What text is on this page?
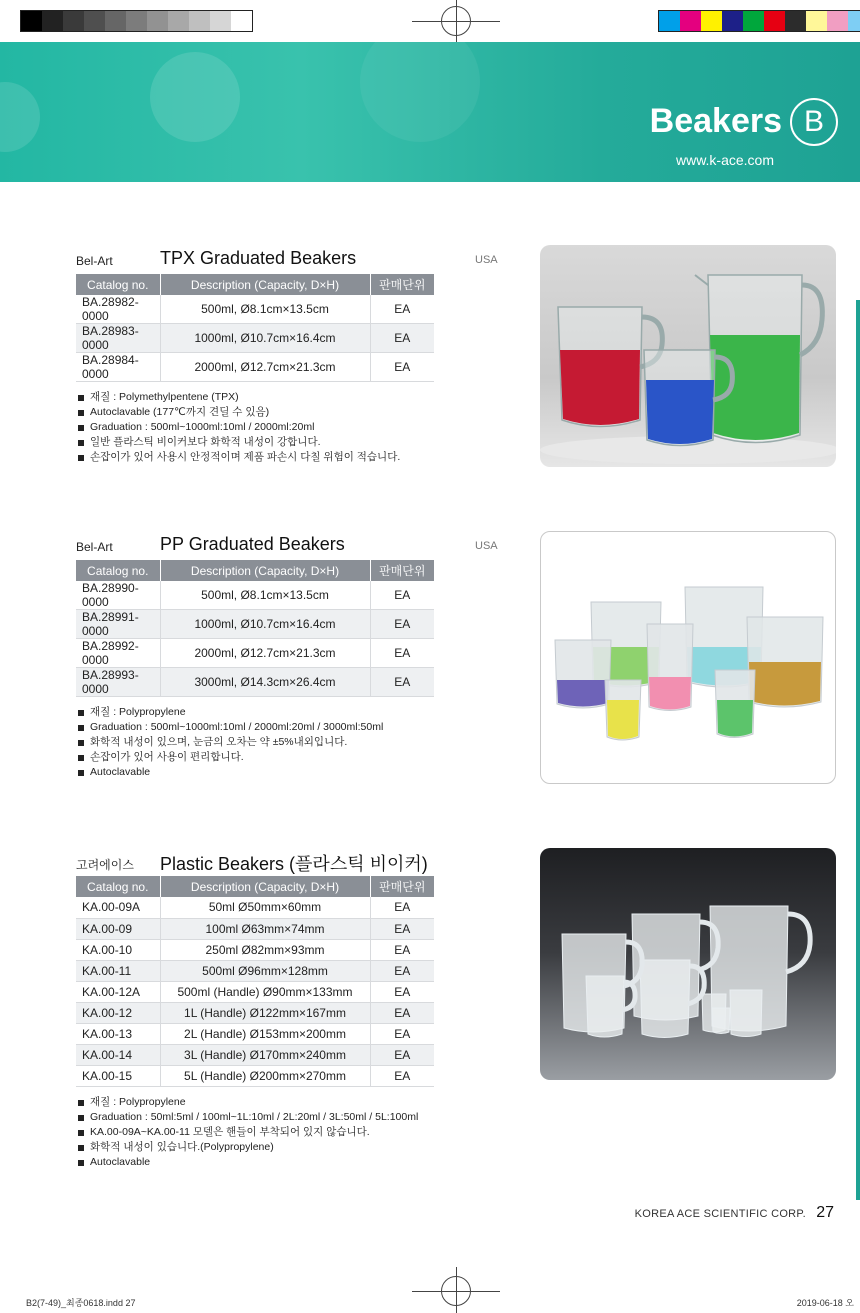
Beakers B
www.k-ace.com
Bel-Art	TPX Graduated Beakers
Catalog no.	Description (Capacity, D×H)	판매단위
BA.28982-0000	500ml, Ø8.1cm×13.5cm	EA
BA.28983-0000	1000ml, Ø10.7cm×16.4cm	EA
BA.28984-0000	2000ml, Ø12.7cm×21.3cm	EA
재질 : Polymethylpentene (TPX)
Autoclavable (177℃까지 견딜 수 있음)
Graduation : 500ml~1000ml:10ml / 2000ml:20ml
일반 플라스틱 비이커보다 화학적 내성이 강합니다.
손잡이가 있어 사용시 안정적이며 제품 파손시 다칠 위험이 적습니다.
USA
Bel-Art	PP Graduated Beakers
Catalog no.	Description (Capacity, D×H)	판매단위
BA.28990-0000	500ml, Ø8.1cm×13.5cm	EA
BA.28991-0000	1000ml, Ø10.7cm×16.4cm	EA
BA.28992-0000	2000ml, Ø12.7cm×21.3cm	EA
BA.28993-0000	3000ml, Ø14.3cm×26.4cm	EA
재질 : Polypropylene
Graduation : 500ml~1000ml:10ml / 2000ml:20ml / 3000ml:50ml
화학적 내성이 있으며, 눈금의 오차는 약 ±5%내외입니다.
손잡이가 있어 사용이 편리합니다.
Autoclavable
USA
고려에이스 Plastic Beakers (플라스틱 비이커)
Catalog no.	Description (Capacity, D×H)	판매단위
KA.00-09A	50ml Ø50mm×60mm	EA
KA.00-09	100ml Ø63mm×74mm	EA
KA.00-10	250ml Ø82mm×93mm	EA
KA.00-11	500ml Ø96mm×128mm	EA
KA.00-12A	500ml (Handle) Ø90mm×133mm	EA
KA.00-12	1L (Handle) Ø122mm×167mm	EA
KA.00-13	2L (Handle) Ø153mm×200mm	EA
KA.00-14	3L (Handle) Ø170mm×240mm	EA
KA.00-15	5L (Handle) Ø200mm×270mm	EA
재질 : Polypropylene
Graduation : 50ml:5ml / 100ml~1L:10ml / 2L:20ml / 3L:50ml / 5L:100ml
KA.00-09A~KA.00-11 모델은 핸들이 부착되어 있지 않습니다.
화학적 내성이 있습니다.(Polypropylene)
Autoclavable
KOREA ACE SCIENTIFIC CORP. 27
B2(7-49)_최종0618.indd 27	2019-06-18 오
